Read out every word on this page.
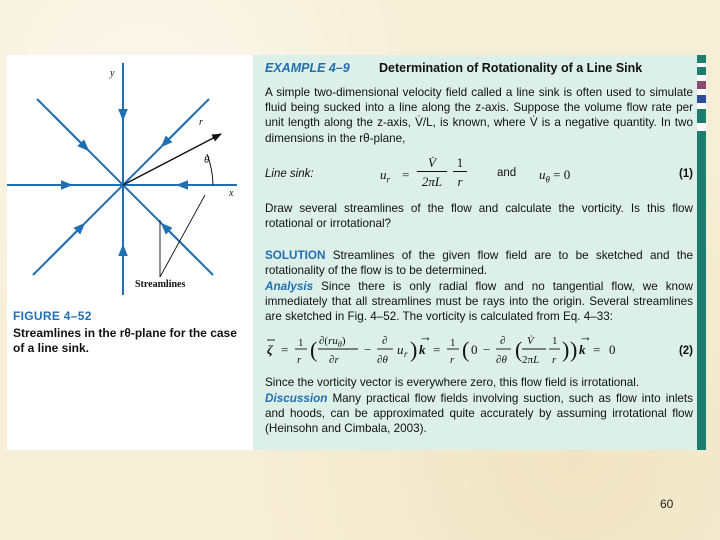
y
x
r
θ
Streamlines
FIGURE 4–52
Streamlines in the rθ-plane for the case of a line sink.
EXAMPLE 4–9 Determination of Rotationality of a Line Sink
A simple two-dimensional velocity field called a line sink is often used to simulate fluid being sucked into a line along the z-axis. Suppose the volume flow rate per unit length along the z-axis, V̇/L, is known, where V̇ is a negative quantity. In two dimensions in the rθ-plane,
Line sink:	$u_r$ =
V̇
2πL
1
r
and $u_\theta = 0$	(1)
Draw several streamlines of the flow and calculate the vorticity. Is this flow rotational or irrotational?
SOLUTION Streamlines of the given flow field are to be sketched and the rotationality of the flow is to be determined.
Analysis Since there is only radial flow and no tangential flow, we know immediately that all streamlines must be rays into the origin. Several streamlines are sketched in Fig. 4–52. The vorticity is calculated from Eq. 4–33:
ζ = 1
r ( $\partial(ru_\theta)$
∂r
−
∂
∂θ
u r ) k
→
= 1
r ( 0 −
∂
∂θ ( V̇
2πL
1
r ) ) k
→
= 0	(2)
Since the vorticity vector is everywhere zero, this flow field is irrotational.
Discussion Many practical flow fields involving suction, such as flow into inlets and hoods, can be approximated quite accurately by assuming irrotational flow (Heinsohn and Cimbala, 2003).
60
